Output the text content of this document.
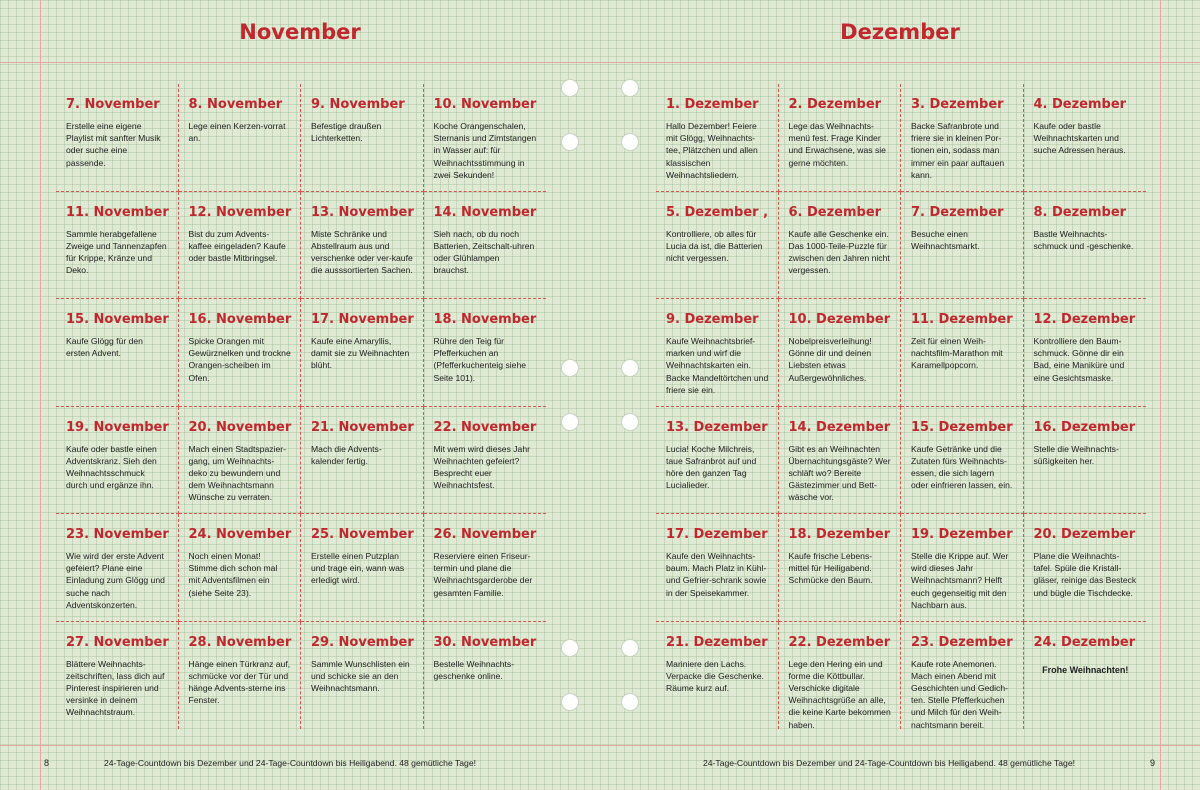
November	Dezember

7. November

Erstelle eine eigene Playlist mit sanfter Musik oder suche eine passende.

8. November

Lege einen Kerzen-vorrat an.

9. November

Befestige draußen Lichterketten.

10. November

Koche Orangenschalen, Sternanis und Zimtstangen in Wasser auf: für Weihnachtsstimmung in zwei Sekunden!

11. November

Sammle herabgefallene Zweige und Tannenzapfen für Krippe, Kränze und Deko.

12. November

Bist du zum Advents-kaffee eingeladen? Kaufe oder bastle Mitbringsel.

13. November

Miste Schränke und Abstellraum aus und verschenke oder ver-kaufe die ausssortierten Sachen.

14. November

Sieh nach, ob du noch Batterien, Zeitschalt-uhren oder Glühlampen brauchst.

15. November

Kaufe Glögg für den ersten Advent.

16. November

Spicke Orangen mit Gewürznelken und trockne Orangen-scheiben im Ofen.

17. November

Kaufe eine Amaryllis, damit sie zu Weihnachten blüht.

18. November

Rühre den Teig für Pfefferkuchen an (Pfefferkuchenteig siehe Seite 101).

19. November

Kaufe oder bastle einen Adventskranz. Sieh den Weihnachtsschmuck durch und ergänze ihn.

20. November

Mach einen Stadtspazier-gang, um Weihnachts-deko zu bewundern und dem Weihnachtsmann Wünsche zu verraten.

21. November

Mach die Advents-kalender fertig.

22. November

Mit wem wird dieses Jahr Weihnachten gefeiert? Besprecht euer Weihnachtsfest.

23. November

Wie wird der erste Advent gefeiert? Plane eine Einladung zum Glögg und suche nach Adventskonzerten.

24. November

Noch einen Monat! Stimme dich schon mal mit Adventsfilmen ein (siehe Seite 23).

25. November

Erstelle einen Putzplan und trage ein, wann was erledigt wird.

26. November

Reserviere einen Friseur-termin und plane die Weihnachtsgarderobe der gesamten Familie.

27. November

Blättere Weihnachts-zeitschriften, lass dich auf Pinterest inspirieren und versinke in deinem Weihnachtstraum.

28. November

Hänge einen Türkranz auf, schmücke vor der Tür und hänge Advents-sterne ins Fenster.

29. November

Sammle Wunschlisten ein und schicke sie an den Weihnachtsmann.

30. November

Bestelle Weihnachts-geschenke online.

1. Dezember

Hallo Dezember! Feiere mit Glögg, Weihnachts-tee, Plätzchen und allen klassischen Weihnachtsliedern.

2. Dezember

Lege das Weihnachts-menü fest. Frage Kinder und Erwachsene, was sie gerne möchten.

3. Dezember

Backe Safranbrote und friere sie in kleinen Por-tionen ein, sodass man immer ein paar auftauen kann.

4. Dezember

Kaufe oder bastle Weihnachtskarten und suche Adressen heraus.

5. Dezember ,

Kontrolliere, ob alles für Lucia da ist, die Batterien nicht vergessen.

6. Dezember

Kaufe alle Geschenke ein. Das 1000-Teile-Puzzle für zwischen den Jahren nicht vergessen.

7. Dezember

Besuche einen Weihnachtsmarkt.

8. Dezember

Bastle Weihnachts-schmuck und -geschenke.

9. Dezember

Kaufe Weihnachtsbrief-marken und wirf die Weihnachtskarten ein. Backe Mandeltörtchen und friere sie ein.

10. Dezember

Nobelpreisverleihung! Gönne dir und deinen Liebsten etwas Außergewöhnliches.

11. Dezember

Zeit für einen Weih-nachtsfilm-Marathon mit Karamellpopcorn.

12. Dezember

Kontrolliere den Baum-schmuck. Gönne dir ein Bad, eine Maniküre und eine Gesichtsmaske.

13. Dezember

Lucia! Koche Milchreis, taue Safranbrot auf und höre den ganzen Tag Lucialieder.

14. Dezember

Gibt es an Weihnachten Übernachtungsgäste? Wer schläft wo? Bereite Gästezimmer und Bett-wäsche vor.

15. Dezember

Kaufe Getränke und die Zutaten fürs Weihnachts-essen, die sich lagern oder einfrieren lassen, ein.

16. Dezember

Stelle die Weihnachts-süßigkeiten her.

17. Dezember

Kaufe den Weihnachts-baum. Mach Platz in Kühl- und Gefrier-schrank sowie in der Speisekammer.

18. Dezember

Kaufe frische Lebens-mittel für Heiligabend. Schmücke den Baum.

19. Dezember

Stelle die Krippe auf. Wer wird dieses Jahr Weihnachtsmann? Helft euch gegenseitig mit den Nachbarn aus.

20. Dezember

Plane die Weihnachts-tafel. Spüle die Kristall-gläser, reinige das Besteck und bügle die Tischdecke.

21. Dezember

Mariniere den Lachs. Verpacke die Geschenke. Räume kurz auf.

22. Dezember

Lege den Hering ein und forme die Köttbullar. Verschicke digitale Weihnachtsgrüße an alle, die keine Karte bekommen haben.

23. Dezember

Kaufe rote Anemonen. Mach einen Abend mit Geschichten und Gedich-ten. Stelle Pfefferkuchen und Milch für den Weih-nachtsmann bereit.

24. Dezember

Frohe Weihnachten!

8	24-Tage-Countdown bis Dezember und 24-Tage-Countdown bis Heiligabend. 48 gemütliche Tage!	24-Tage-Countdown bis Dezember und 24-Tage-Countdown bis Heiligabend. 48 gemütliche Tage!	9
